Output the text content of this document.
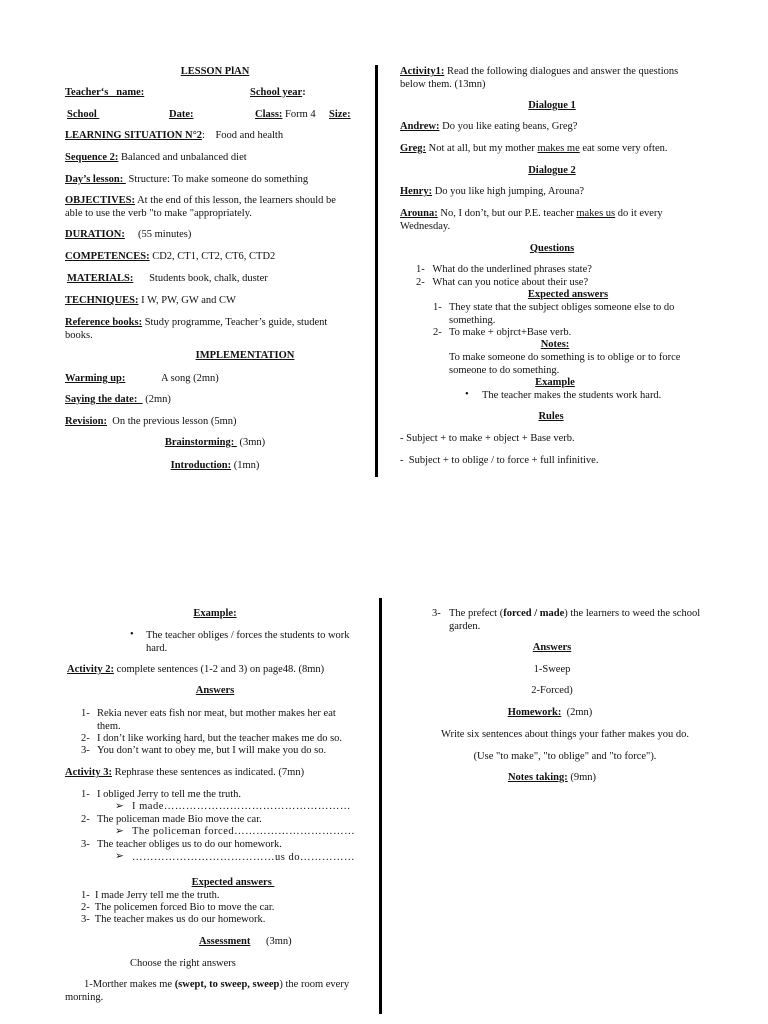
LESSON PlAN
Teacher‘s   name:	School year:
School	Date:	Class: Form 4 Size:
LEARNING SITUATION N°2:    Food and health
Sequence 2: Balanced and unbalanced diet
Day’s lesson:  Structure: To make someone do something
OBJECTIVES: At the end of this lesson, the learners should be able to use the verb "to make "appropriately.
DURATION:     (55 minutes)
COMPETENCES: CD2, CT1, CT2, CT6, CTD2
MATERIALS:      Students book, chalk, duster
TECHNIQUES: I W, PW, GW and CW
Reference books: Study programme, Teacher’s guide, student books.
IMPLEMENTATION
Warming up:	A song (2mn)
Saying the date:   (2mn)
Revision:  On the previous lesson (5mn)
Brainstorming:  (3mn)
Introduction: (1mn)
Activity1: Read the following dialogues and answer the questions below them. (13mn)
Dialogue 1
Andrew: Do you like eating beans, Greg?
Greg: Not at all, but my mother makes me eat some very often.
Dialogue 2
Henry: Do you like high jumping, Arouna?
Arouna: No, I don’t, but our P.E. teacher makes us do it every Wednesday.
Questions
1-   What do the underlined phrases state?
2-   What can you notice about their use?
Expected answers
1- They state that the subject obliges someone else to do something.
2- To make + objrct+Base verb.
Notes:
To make someone do something is to oblige or to force someone to do something.
Example
• The teacher makes the students work hard.
Rules
- Subject + to make + object + Base verb.
-  Subject + to oblige / to force + full infinitive.
Example:
• The teacher obliges / forces the students to work hard.
Activity 2: complete sentences (1-2 and 3) on page48. (8mn)
Answers
1- Rekia never eats fish nor meat, but mother makes her eat them.
2- I don’t like working hard, but the teacher makes me do so.
3- You don’t want to obey me, but I will make you do so.
Activity 3: Rephrase these sentences as indicated. (7mn)
1- I obliged Jerry to tell me the truth.
➢ I made……………………………………………
2- The policeman made Bio move the car.
➢ The policeman forced……………………………
3- The teacher obliges us to do our homework.
➢ …………………………………us do……………
Expected answers
1-  I made Jerry tell me the truth.
2-  The policemen forced Bio to move the car.
3-  The teacher makes us do our homework.
Assessment (3mn)
Choose the right answers
1-Morther makes me (swept, to sweep, sweep) the room every morning.
3- The prefect (forced / made) the learners to weed the school garden.
Answers
1-Sweep
2-Forced)
Homework:  (2mn)
Write six sentences about things your father makes you do.
(Use "to make", "to oblige" and "to force").
Notes taking: (9mn)
